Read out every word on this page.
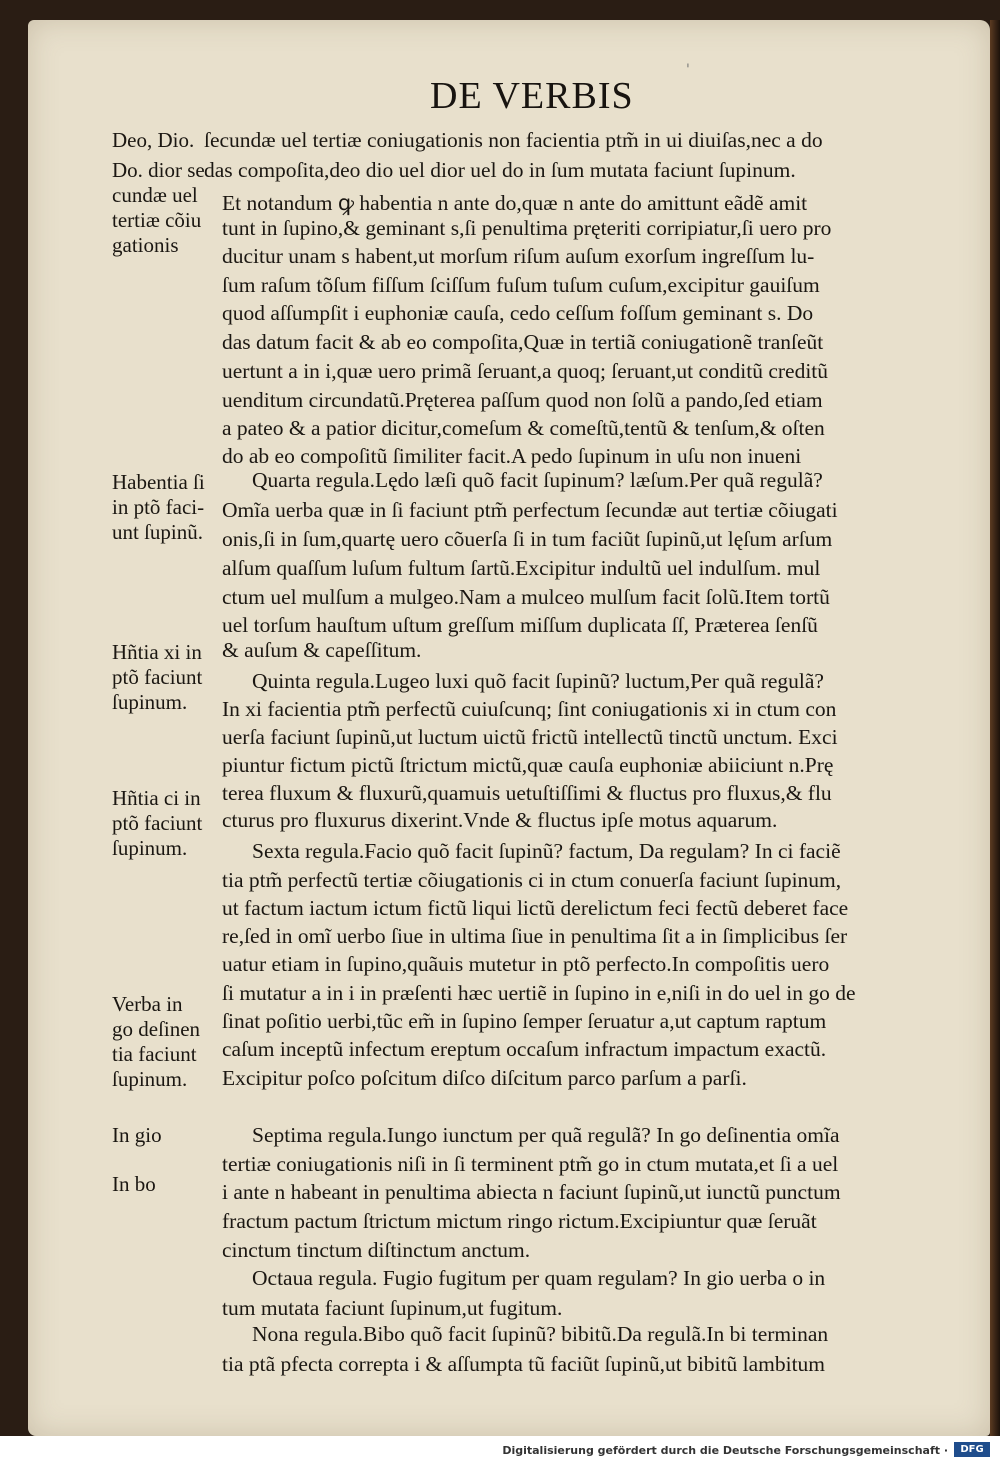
'
DE VERBIS
Deo, Dio.
Do. dior se
cundæ uel
tertiæ cõiu
gationis
Habentia ſi
in ptõ faci-
unt ſupinũ.
Hñtia xi in
ptõ faciunt
ſupinum.
Hñtia ci in
ptõ faciunt
ſupinum.
Verba in
go deſinen
tia faciunt
ſupinum.
In gio
In bo
ſecundæ uel tertiæ coniugationis non facientia ptm̃ in ui diuiſas,nec a do
das compoſita,deo dio uel dior uel do in ſum mutata faciunt ſupinum.
Et notandum ꝙ habentia n ante do,quæ n ante do amittunt eãdẽ amit
tunt in ſupino,& geminant s,ſi penultima pręteriti corripiatur,ſi uero pro
ducitur unam s habent,ut morſum riſum auſum exorſum ingreſſum lu-
ſum raſum tõſum fiſſum ſciſſum fuſum tuſum cuſum,excipitur gauiſum
quod aſſumpſit i euphoniæ cauſa, cedo ceſſum foſſum geminant s. Do
das datum facit & ab eo compoſita,Quæ in tertiã coniugationẽ tranſeũt
uertunt a in i,quæ uero primã ſeruant,a quoq; ſeruant,ut conditũ creditũ
uenditum circundatũ.Pręterea paſſum quod non ſolũ a pando,ſed etiam
a pateo & a patior dicitur,comeſum & comeſtũ,tentũ & tenſum,& oſten
do ab eo compoſitũ ſimiliter facit.A pedo ſupinum in uſu non inueni
Quarta regula.Lędo læſi quõ facit ſupinum? læſum.Per quã regulã?
Omĩa uerba quæ in ſi faciunt ptm̃ perfectum ſecundæ aut tertiæ cõiugati
onis,ſi in ſum,quartę uero cõuerſa ſi in tum faciũt ſupinũ,ut lęſum arſum
alſum quaſſum luſum fultum ſartũ.Excipitur indultũ uel indulſum. mul
ctum uel mulſum a mulgeo.Nam a mulceo mulſum facit ſolũ.Item tortũ
uel torſum hauſtum uſtum greſſum miſſum duplicata ſſ, Præterea ſenſũ
& auſum & capeſſitum.
Quinta regula.Lugeo luxi quõ facit ſupinũ? luctum,Per quã regulã?
In xi facientia ptm̃ perfectũ cuiuſcunq; ſint coniugationis xi in ctum con
uerſa faciunt ſupinũ,ut luctum uictũ frictũ intellectũ tinctũ unctum. Exci
piuntur fictum pictũ ſtrictum mictũ,quæ cauſa euphoniæ abiiciunt n.Prę
terea fluxum & fluxurũ,quamuis uetuſtiſſimi & fluctus pro fluxus,& flu
cturus pro fluxurus dixerint.Vnde & fluctus ipſe motus aquarum.
Sexta regula.Facio quõ facit ſupinũ? factum, Da regulam? In ci faciẽ
tia ptm̃ perfectũ tertiæ cõiugationis ci in ctum conuerſa faciunt ſupinum,
ut factum iactum ictum fictũ liqui lictũ derelictum feci fectũ deberet face
re,ſed in omĩ uerbo ſiue in ultima ſiue in penultima ſit a in ſimplicibus ſer
uatur etiam in ſupino,quãuis mutetur in ptõ perfecto.In compoſitis uero
ſi mutatur a in i in præſenti hæc uertiẽ in ſupino in e,niſi in do uel in go de
ſinat poſitio uerbi,tũc em̃ in ſupino ſemper ſeruatur a,ut captum raptum
caſum inceptũ infectum ereptum occaſum infractum impactum exactũ.
Excipitur poſco poſcitum diſco diſcitum parco parſum a parſi.
Septima regula.Iungo iunctum per quã regulã? In go deſinentia omĩa
tertiæ coniugationis niſi in ſi terminent ptm̃ go in ctum mutata,et ſi a uel
i ante n habeant in penultima abiecta n faciunt ſupinũ,ut iunctũ punctum
fractum pactum ſtrictum mictum ringo rictum.Excipiuntur quæ ſeruãt
cinctum tinctum diſtinctum anctum.
Octaua regula. Fugio fugitum per quam regulam? In gio uerba o in
tum mutata faciunt ſupinum,ut fugitum.
Nona regula.Bibo quõ facit ſupinũ? bibitũ.Da regulã.In bi terminan
tia ptã pfecta correpta i & aſſumpta tũ faciũt ſupinũ,ut bibitũ lambitum
Digitalisierung gefördert durch die Deutsche Forschungsgemeinschaft ·	DFG
